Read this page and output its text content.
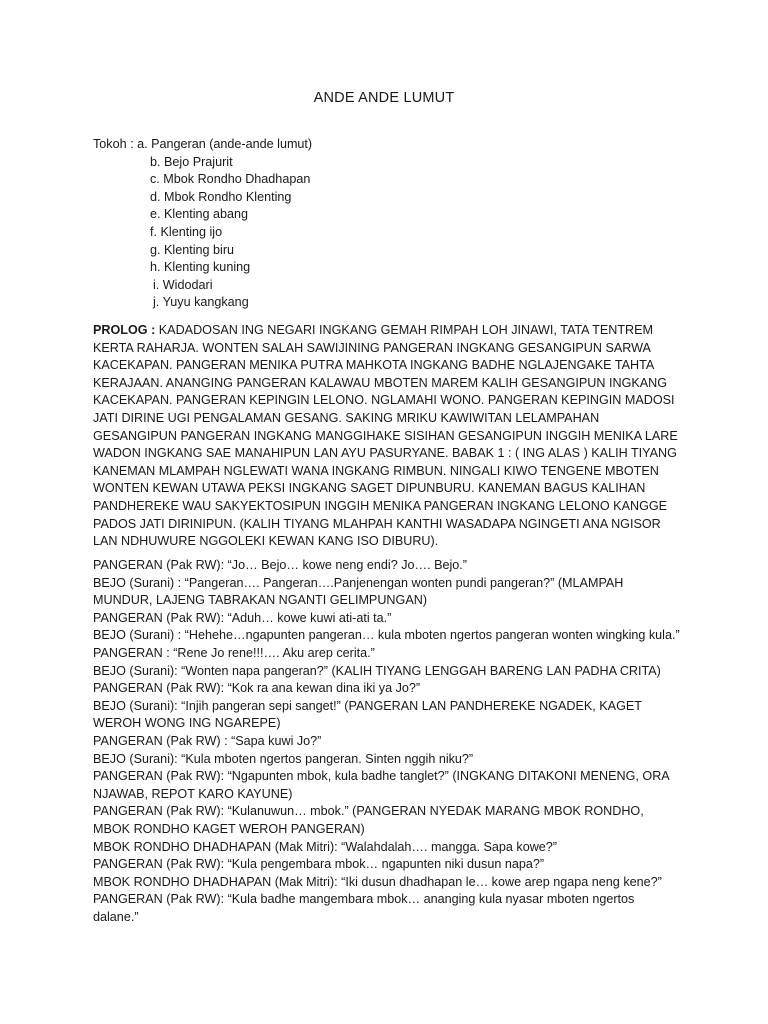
ANDE ANDE LUMUT
Tokoh : a. Pangeran (ande-ande lumut)
b. Bejo Prajurit
c. Mbok Rondho Dhadhapan
d. Mbok Rondho Klenting
e. Klenting abang
f. Klenting ijo
g. Klenting biru
h. Klenting kuning
i. Widodari
j. Yuyu kangkang

PROLOG : KADADOSAN ING NEGARI INGKANG GEMAH RIMPAH LOH JINAWI, TATA TENTREM KERTA RAHARJA. WONTEN SALAH SAWIJINING PANGERAN INGKANG GESANGIPUN SARWA KACEKAPAN. PANGERAN MENIKA PUTRA MAHKOTA INGKANG BADHE NGLAJENGAKE TAHTA KERAJAAN. ANANGING PANGERAN KALAWAU MBOTEN MAREM KALIH GESANGIPUN INGKANG KACEKAPAN. PANGERAN KEPINGIN LELONO. NGLAMAHI WONO. PANGERAN KEPINGIN MADOSI JATI DIRINE UGI PENGALAMAN GESANG. SAKING MRIKU KAWIWITAN LELAMPAHAN GESANGIPUN PANGERAN INGKANG MANGGIHAKE SISIHAN GESANGIPUN INGGIH MENIKA LARE WADON INGKANG SAE MANAHIPUN LAN AYU PASURYANE. BABAK 1 : ( ING ALAS ) KALIH TIYANG KANEMAN MLAMPAH NGLEWATI WANA INGKANG RIMBUN. NINGALI KIWO TENGENE MBOTEN WONTEN KEWAN UTAWA PEKSI INGKANG SAGET DIPUNBURU. KANEMAN BAGUS KALIHAN PANDHEREKE WAU SAKYEKTOSIPUN INGGIH MENIKA PANGERAN INGKANG LELONO KANGGE PADOS JATI DIRINIPUN. (KALIH TIYANG MLAHPAH KANTHI WASADAPA NGINGETI ANA NGISOR LAN NDHUWURE NGGOLEKI KEWAN KANG ISO DIBURU).

PANGERAN (Pak RW): “Jo… Bejo… kowe neng endi? Jo…. Bejo.”

BEJO (Surani) : “Pangeran…. Pangeran….Panjenengan wonten pundi pangeran?” (MLAMPAH MUNDUR, LAJENG TABRAKAN NGANTI GELIMPUNGAN)

PANGERAN (Pak RW): “Aduh… kowe kuwi ati-ati ta.”

BEJO (Surani) : “Hehehe…ngapunten pangeran… kula mboten ngertos pangeran wonten wingking kula.” PANGERAN : “Rene Jo rene!!!…. Aku arep cerita.”

BEJO (Surani): “Wonten napa pangeran?” (KALIH TIYANG LENGGAH BARENG LAN PADHA CRITA)

PANGERAN (Pak RW): “Kok ra ana kewan dina iki ya Jo?”

BEJO (Surani): “Injih pangeran sepi sanget!” (PANGERAN LAN PANDHEREKE NGADEK, KAGET WEROH WONG ING NGAREPE)

PANGERAN (Pak RW) : “Sapa kuwi Jo?”

BEJO (Surani): “Kula mboten ngertos pangeran. Sinten nggih niku?”

PANGERAN (Pak RW): “Ngapunten mbok, kula badhe tanglet?” (INGKANG DITAKONI MENENG, ORA NJAWAB, REPOT KARO KAYUNE)

PANGERAN (Pak RW): “Kulanuwun… mbok.” (PANGERAN NYEDAK MARANG MBOK RONDHO, MBOK RONDHO KAGET WEROH PANGERAN)

MBOK RONDHO DHADHAPAN (Mak Mitri): “Walahdalah…. mangga. Sapa kowe?”

PANGERAN (Pak RW): “Kula pengembara mbok… ngapunten niki dusun napa?”

MBOK RONDHO DHADHAPAN (Mak Mitri): “Iki dusun dhadhapan le… kowe arep ngapa neng kene?”

PANGERAN (Pak RW): “Kula badhe mangembara mbok… ananging kula nyasar mboten ngertos dalane.”
